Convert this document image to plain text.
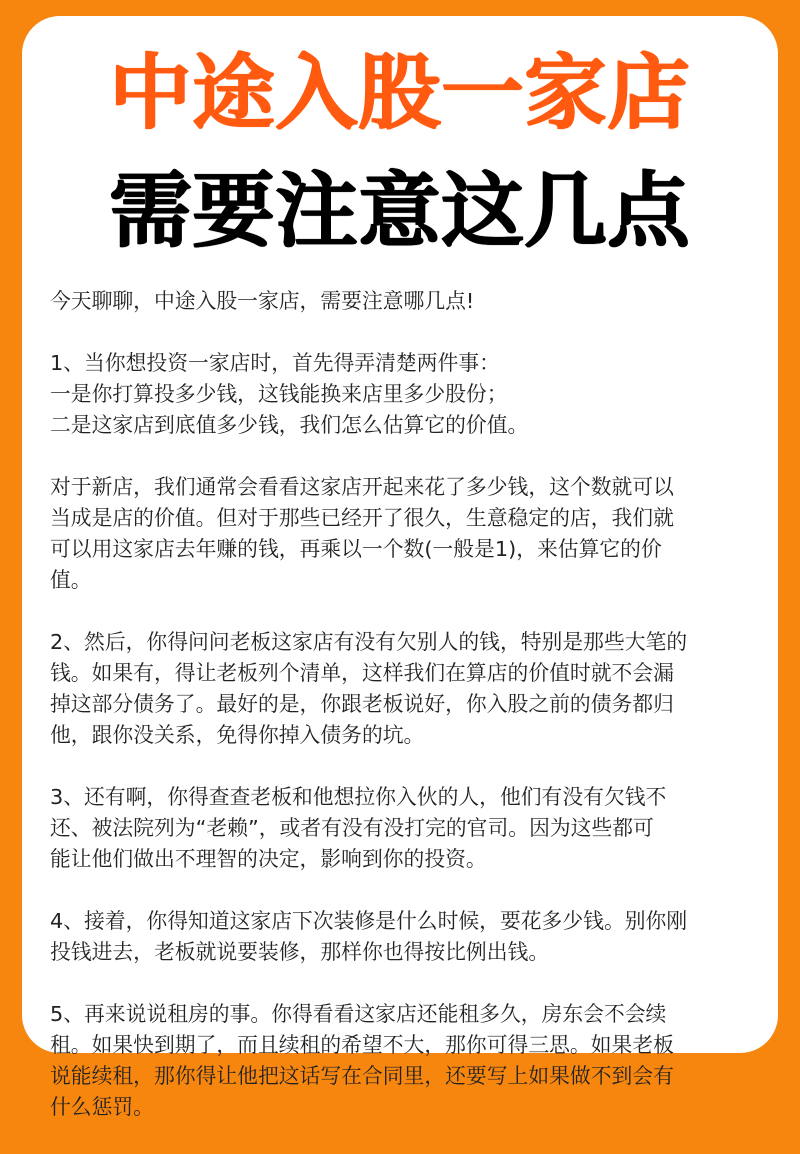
中途入股一家店
需要注意这几点
今天聊聊，中途入股一家店，需要注意哪几点!
1、当你想投资一家店时，首先得弄清楚两件事：
一是你打算投多少钱，这钱能换来店里多少股份；
二是这家店到底值多少钱，我们怎么估算它的价值。
对于新店，我们通常会看看这家店开起来花了多少钱，这个数就可以
当成是店的价值。但对于那些已经开了很久，生意稳定的店，我们就
可以用这家店去年赚的钱，再乘以一个数(一般是1)，来估算它的价
值。
2、然后，你得问问老板这家店有没有欠别人的钱，特别是那些大笔的
钱。如果有，得让老板列个清单，这样我们在算店的价值时就不会漏
掉这部分债务了。最好的是，你跟老板说好，你入股之前的债务都归
他，跟你没关系，免得你掉入债务的坑。
3、还有啊，你得查查老板和他想拉你入伙的人，他们有没有欠钱不
还、被法院列为“老赖”，或者有没有没打完的官司。因为这些都可
能让他们做出不理智的决定，影响到你的投资。
4、接着，你得知道这家店下次装修是什么时候，要花多少钱。别你刚
投钱进去，老板就说要装修，那样你也得按比例出钱。
5、再来说说租房的事。你得看看这家店还能租多久，房东会不会续
租。如果快到期了，而且续租的希望不大，那你可得三思。如果老板
说能续租，那你得让他把这话写在合同里，还要写上如果做不到会有
什么惩罚。
